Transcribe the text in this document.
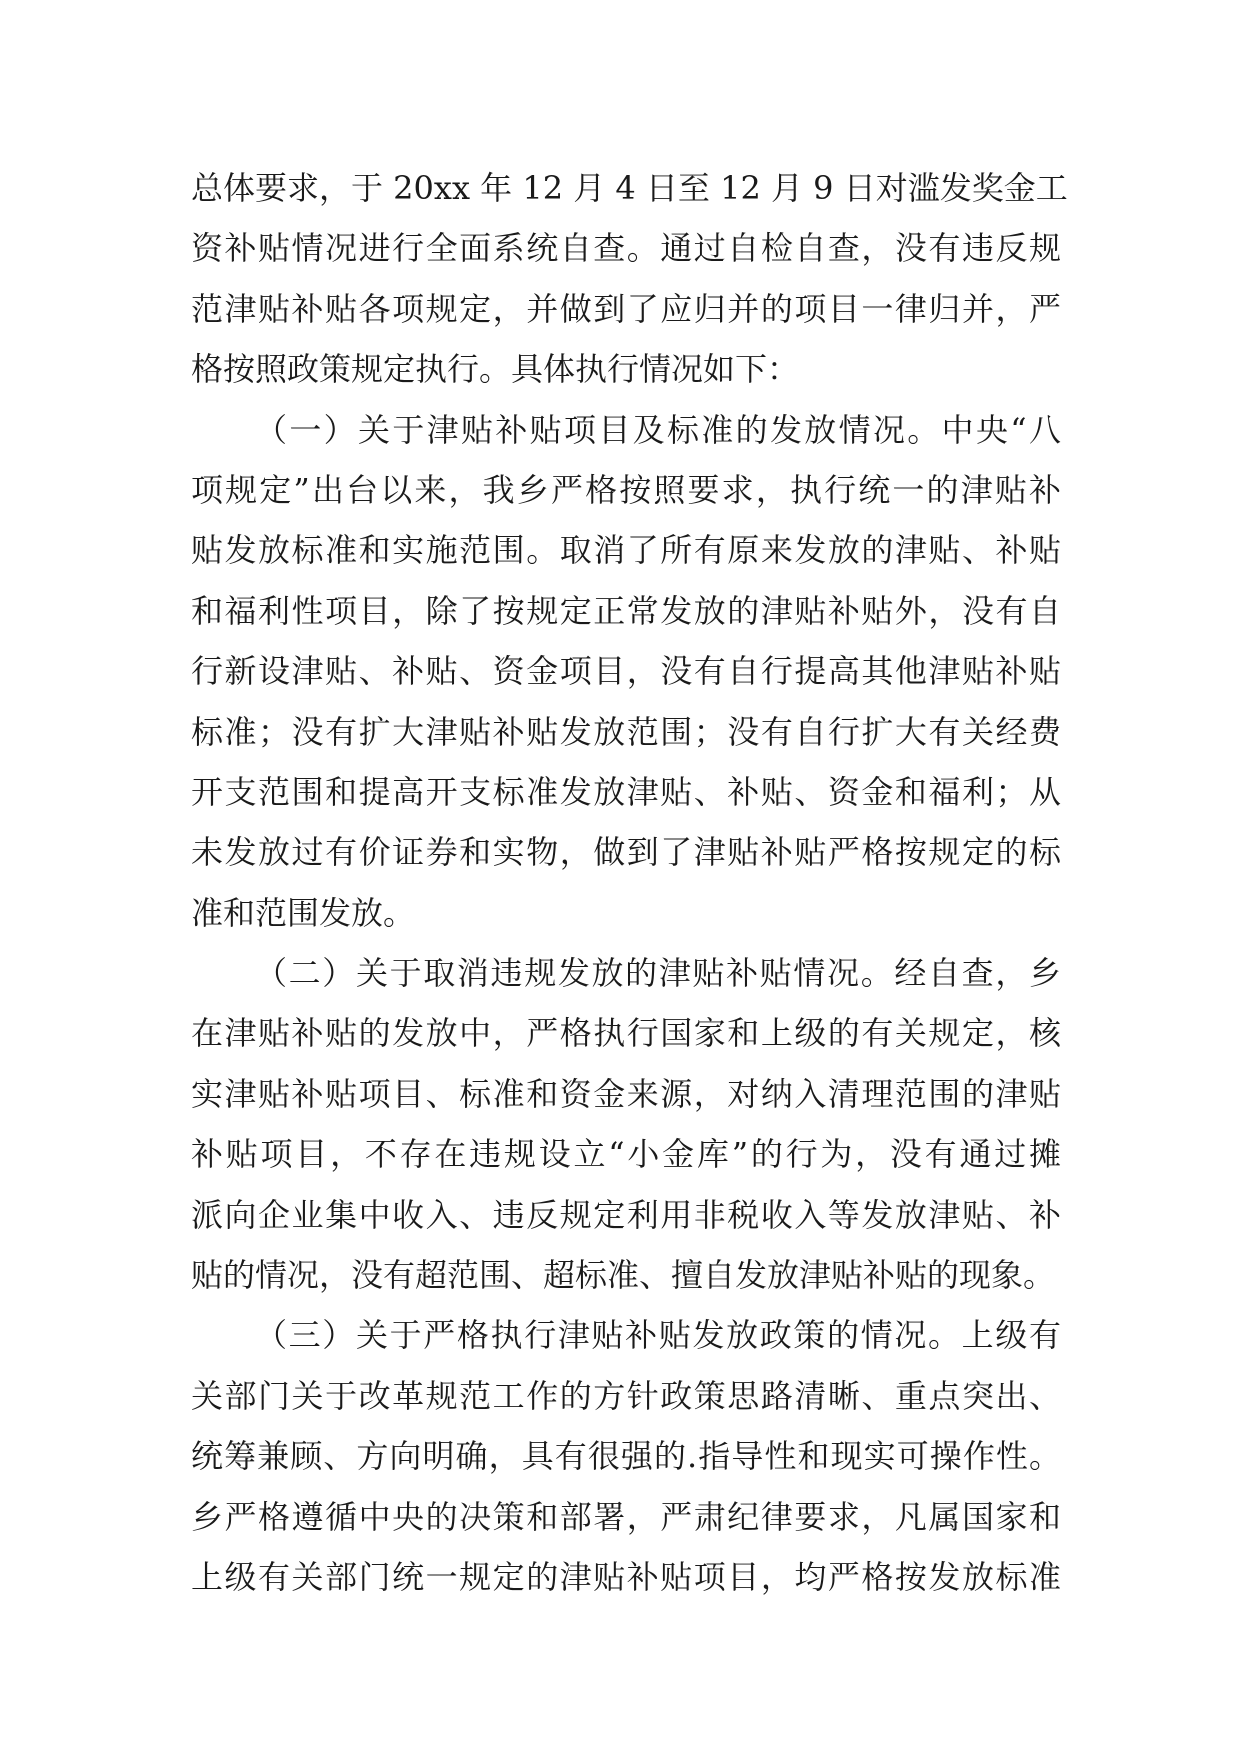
总体要求，于 20xx 年 12 月 4 日至 12 月 9 日对滥发奖金工
资补贴情况进行全面系统自查。通过自检自查，没有违反规
范津贴补贴各项规定，并做到了应归并的项目一律归并，严
格按照政策规定执行。具体执行情况如下：
（一）关于津贴补贴项目及标准的发放情况。中央“八
项规定”出台以来，我乡严格按照要求，执行统一的津贴补
贴发放标准和实施范围。取消了所有原来发放的津贴、补贴
和福利性项目，除了按规定正常发放的津贴补贴外，没有自
行新设津贴、补贴、资金项目，没有自行提高其他津贴补贴
标准；没有扩大津贴补贴发放范围；没有自行扩大有关经费
开支范围和提高开支标准发放津贴、补贴、资金和福利；从
未发放过有价证券和实物，做到了津贴补贴严格按规定的标
准和范围发放。
（二）关于取消违规发放的津贴补贴情况。经自查，乡
在津贴补贴的发放中，严格执行国家和上级的有关规定，核
实津贴补贴项目、标准和资金来源，对纳入清理范围的津贴
补贴项目，不存在违规设立“小金库”的行为，没有通过摊
派向企业集中收入、违反规定利用非税收入等发放津贴、补
贴的情况，没有超范围、超标准、擅自发放津贴补贴的现象。
（三）关于严格执行津贴补贴发放政策的情况。上级有
关部门关于改革规范工作的方针政策思路清晰、重点突出、
统筹兼顾、方向明确，具有很强的.指导性和现实可操作性。
乡严格遵循中央的决策和部署，严肃纪律要求，凡属国家和
上级有关部门统一规定的津贴补贴项目，均严格按发放标准
